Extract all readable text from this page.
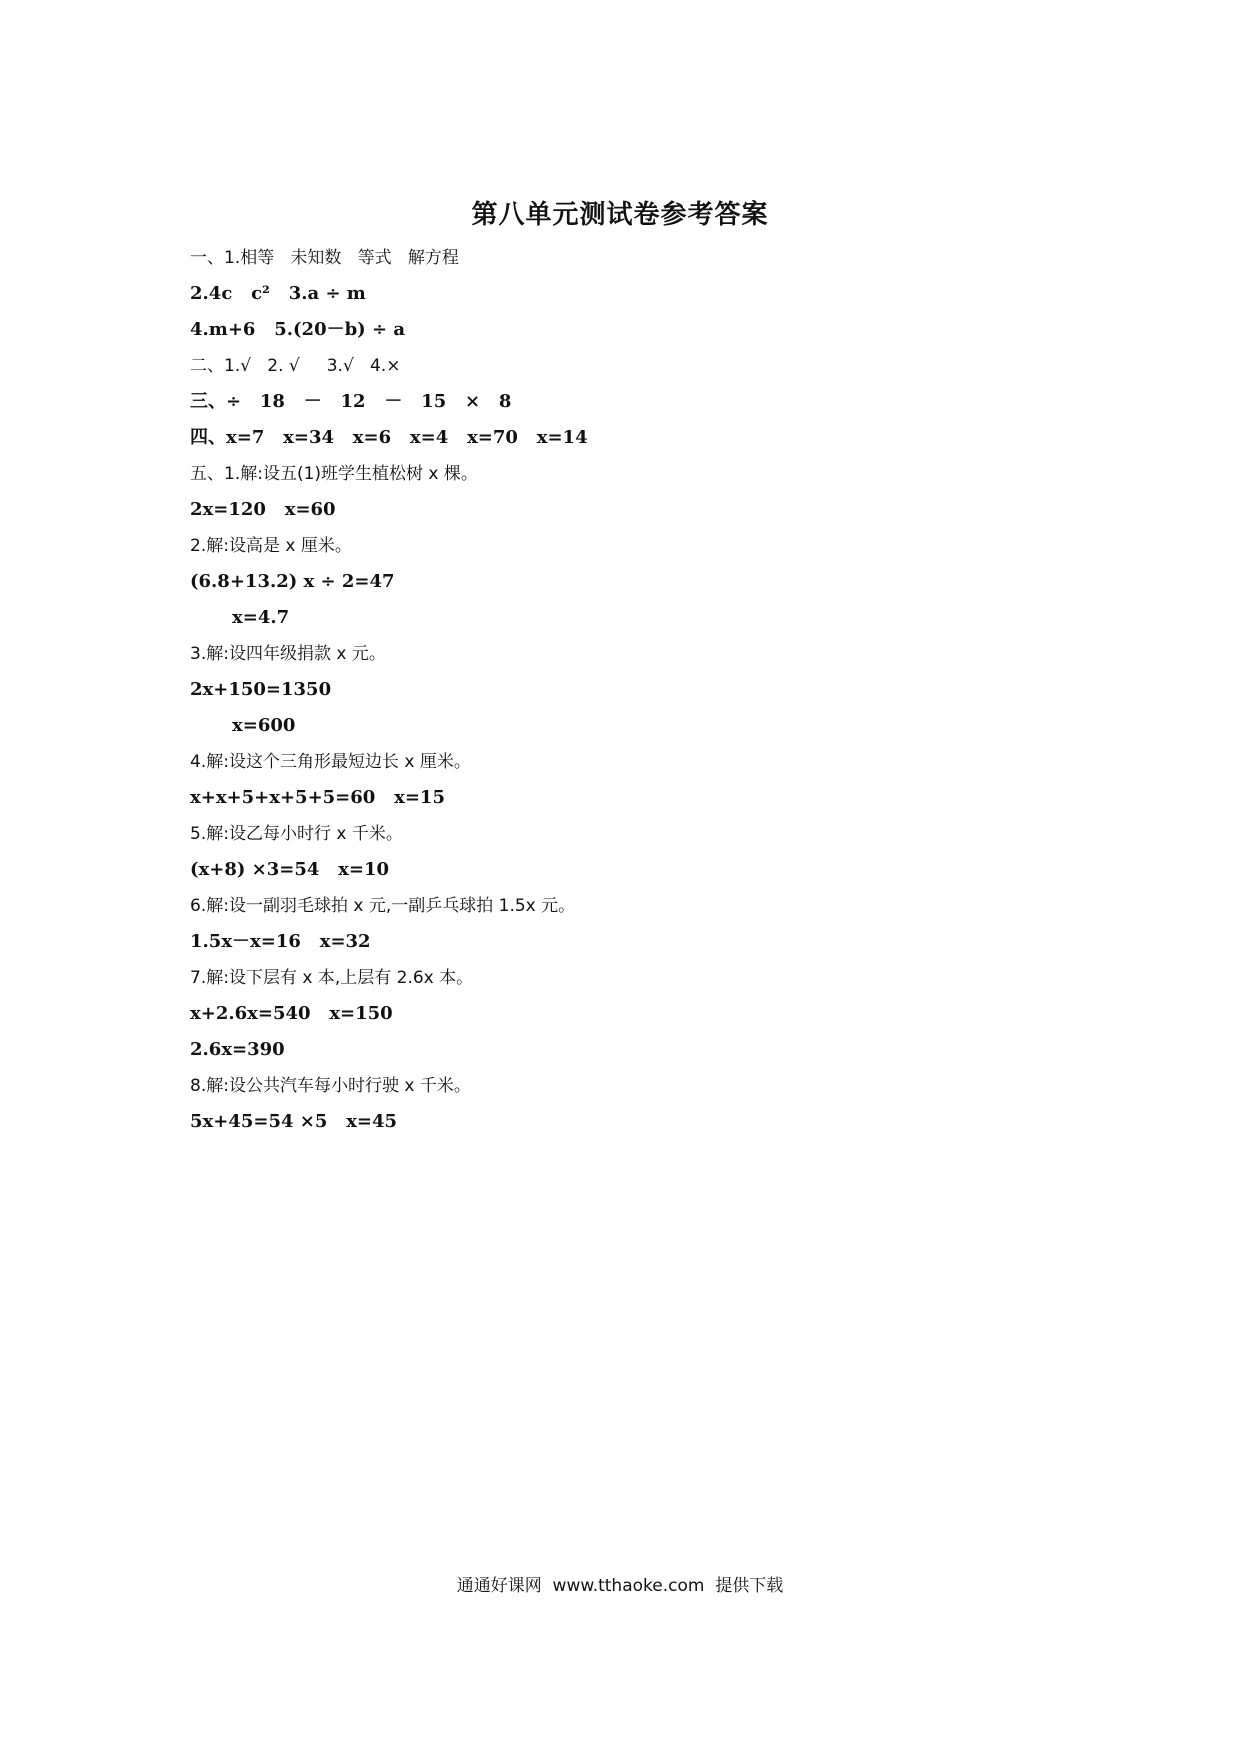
第八单元测试卷参考答案
一、1.相等   未知数   等式   解方程
2.4c   c²   3.a ÷ m
4.m+6   5.(20－b) ÷ a
二、1.√   2. √     3.√   4.×
三、÷   18   －   12   －   15   ×   8
四、x=7   x=34   x=6   x=4   x=70   x=14
五、1.解:设五(1)班学生植松树 x 棵。
2x=120   x=60
2.解:设高是 x 厘米。
(6.8+13.2) x ÷ 2=47
x=4.7
3.解:设四年级捐款 x 元。
2x+150=1350
x=600
4.解:设这个三角形最短边长 x 厘米。
x+x+5+x+5+5=60   x=15
5.解:设乙每小时行 x 千米。
(x+8) ×3=54   x=10
6.解:设一副羽毛球拍 x 元,一副乒乓球拍 1.5x 元。
1.5x－x=16   x=32
7.解:设下层有 x 本,上层有 2.6x 本。
x+2.6x=540   x=150
2.6x=390
8.解:设公共汽车每小时行驶 x 千米。
5x+45=54 ×5   x=45
通通好课网  www.tthaoke.com  提供下载
